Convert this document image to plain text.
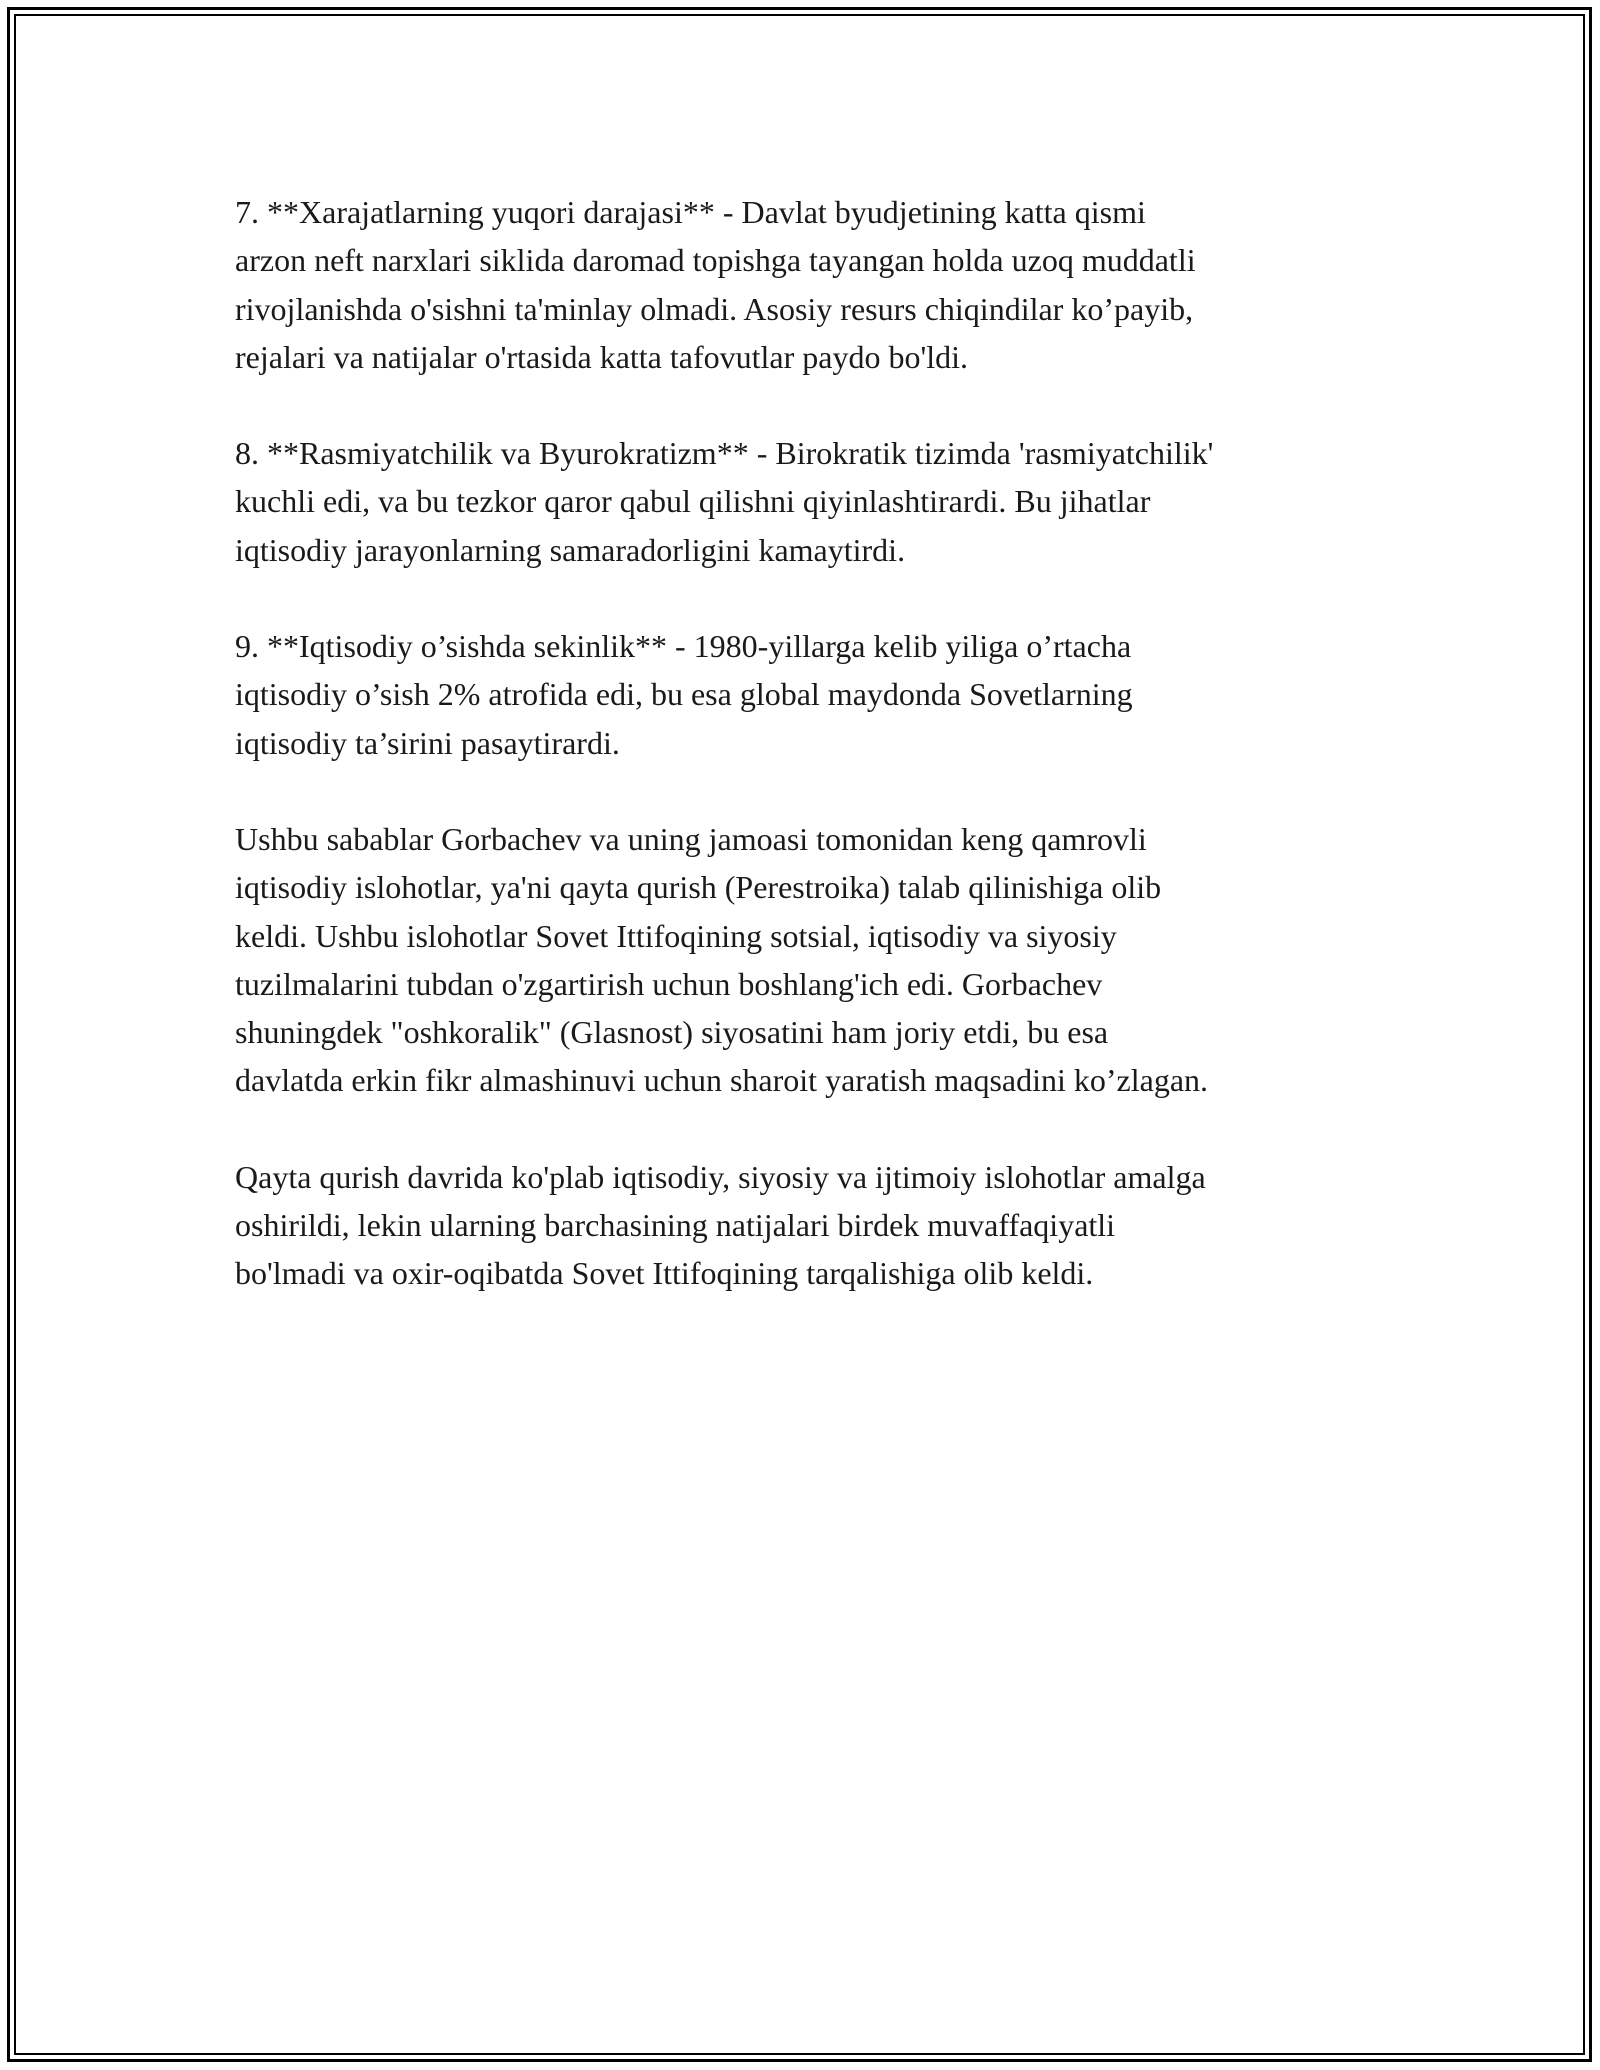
7. **Xarajatlarning yuqori darajasi** - Davlat byudjetining katta qismi
arzon neft narxlari siklida daromad topishga tayangan holda uzoq muddatli
rivojlanishda o'sishni ta'minlay olmadi. Asosiy resurs chiqindilar ko’payib,
rejalari va natijalar o'rtasida katta tafovutlar paydo bo'ldi.

8. **Rasmiyatchilik va Byurokratizm** - Birokratik tizimda 'rasmiyatchilik'
kuchli edi, va bu tezkor qaror qabul qilishni qiyinlashtirardi. Bu jihatlar
iqtisodiy jarayonlarning samaradorligini kamaytirdi.

9. **Iqtisodiy o’sishda sekinlik** - 1980-yillarga kelib yiliga o’rtacha
iqtisodiy o’sish 2% atrofida edi, bu esa global maydonda Sovetlarning
iqtisodiy ta’sirini pasaytirardi.

Ushbu sabablar Gorbachev va uning jamoasi tomonidan keng qamrovli
iqtisodiy islohotlar, ya'ni qayta qurish (Perestroika) talab qilinishiga olib
keldi. Ushbu islohotlar Sovet Ittifoqining sotsial, iqtisodiy va siyosiy
tuzilmalarini tubdan o'zgartirish uchun boshlang'ich edi. Gorbachev
shuningdek "oshkoralik" (Glasnost) siyosatini ham joriy etdi, bu esa
davlatda erkin fikr almashinuvi uchun sharoit yaratish maqsadini ko’zlagan.

Qayta qurish davrida ko'plab iqtisodiy, siyosiy va ijtimoiy islohotlar amalga
oshirildi, lekin ularning barchasining natijalari birdek muvaffaqiyatli
bo'lmadi va oxir-oqibatda Sovet Ittifoqining tarqalishiga olib keldi.
